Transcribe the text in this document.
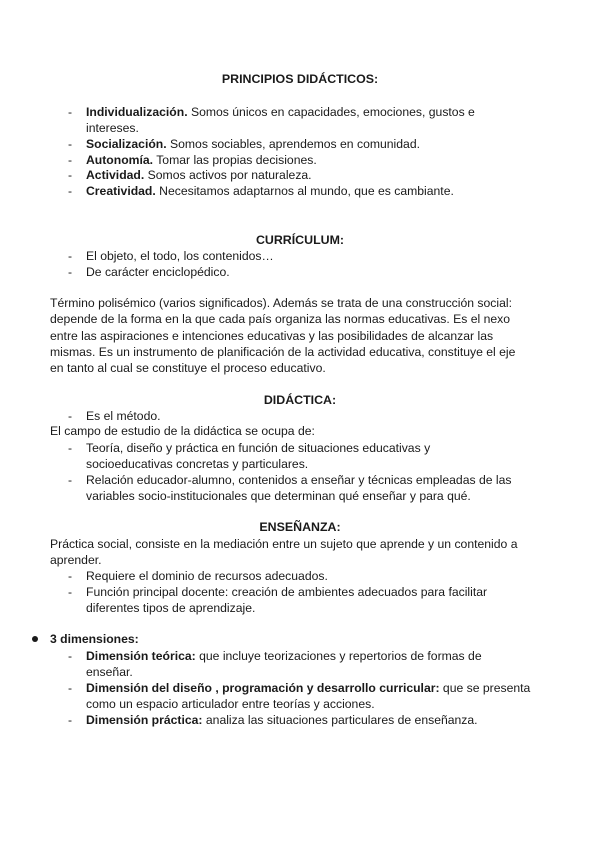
PRINCIPIOS DIDÁCTICOS:
-	Individualización. Somos únicos en capacidades, emociones, gustos e intereses.
-	Socialización. Somos sociables, aprendemos en comunidad.
-	Autonomía. Tomar las propias decisiones.
-	Actividad. Somos activos por naturaleza.
-	Creatividad. Necesitamos adaptarnos al mundo, que es cambiante.
CURRÍCULUM:
-	El objeto, el todo, los contenidos…
-	De carácter enciclopédico.
Término polisémico (varios significados). Además se trata de una construcción social: depende de la forma en la que cada país organiza las normas educativas. Es el nexo entre las aspiraciones e intenciones educativas y las posibilidades de alcanzar las mismas. Es un instrumento de planificación de la actividad educativa, constituye el eje en tanto al cual se constituye el proceso educativo.
DIDÁCTICA:
-	Es el método.
El campo de estudio de la didáctica se ocupa de:
-	Teoría, diseño y práctica en función de situaciones educativas y socioeducativas concretas y particulares.
-	Relación educador-alumno, contenidos a enseñar y técnicas empleadas de las variables socio-institucionales que determinan qué enseñar y para qué.
ENSEÑANZA:
Práctica social, consiste en la mediación entre un sujeto que aprende y un contenido a aprender.
-	Requiere el dominio de recursos adecuados.
-	Función principal docente: creación de ambientes adecuados para facilitar diferentes tipos de aprendizaje.
3 dimensiones:
-	Dimensión teórica: que incluye teorizaciones y repertorios de formas de enseñar.
-	Dimensión del diseño , programación y desarrollo curricular: que se presenta como un espacio articulador entre teorías y acciones.
-	Dimensión práctica: analiza las situaciones particulares de enseñanza.
